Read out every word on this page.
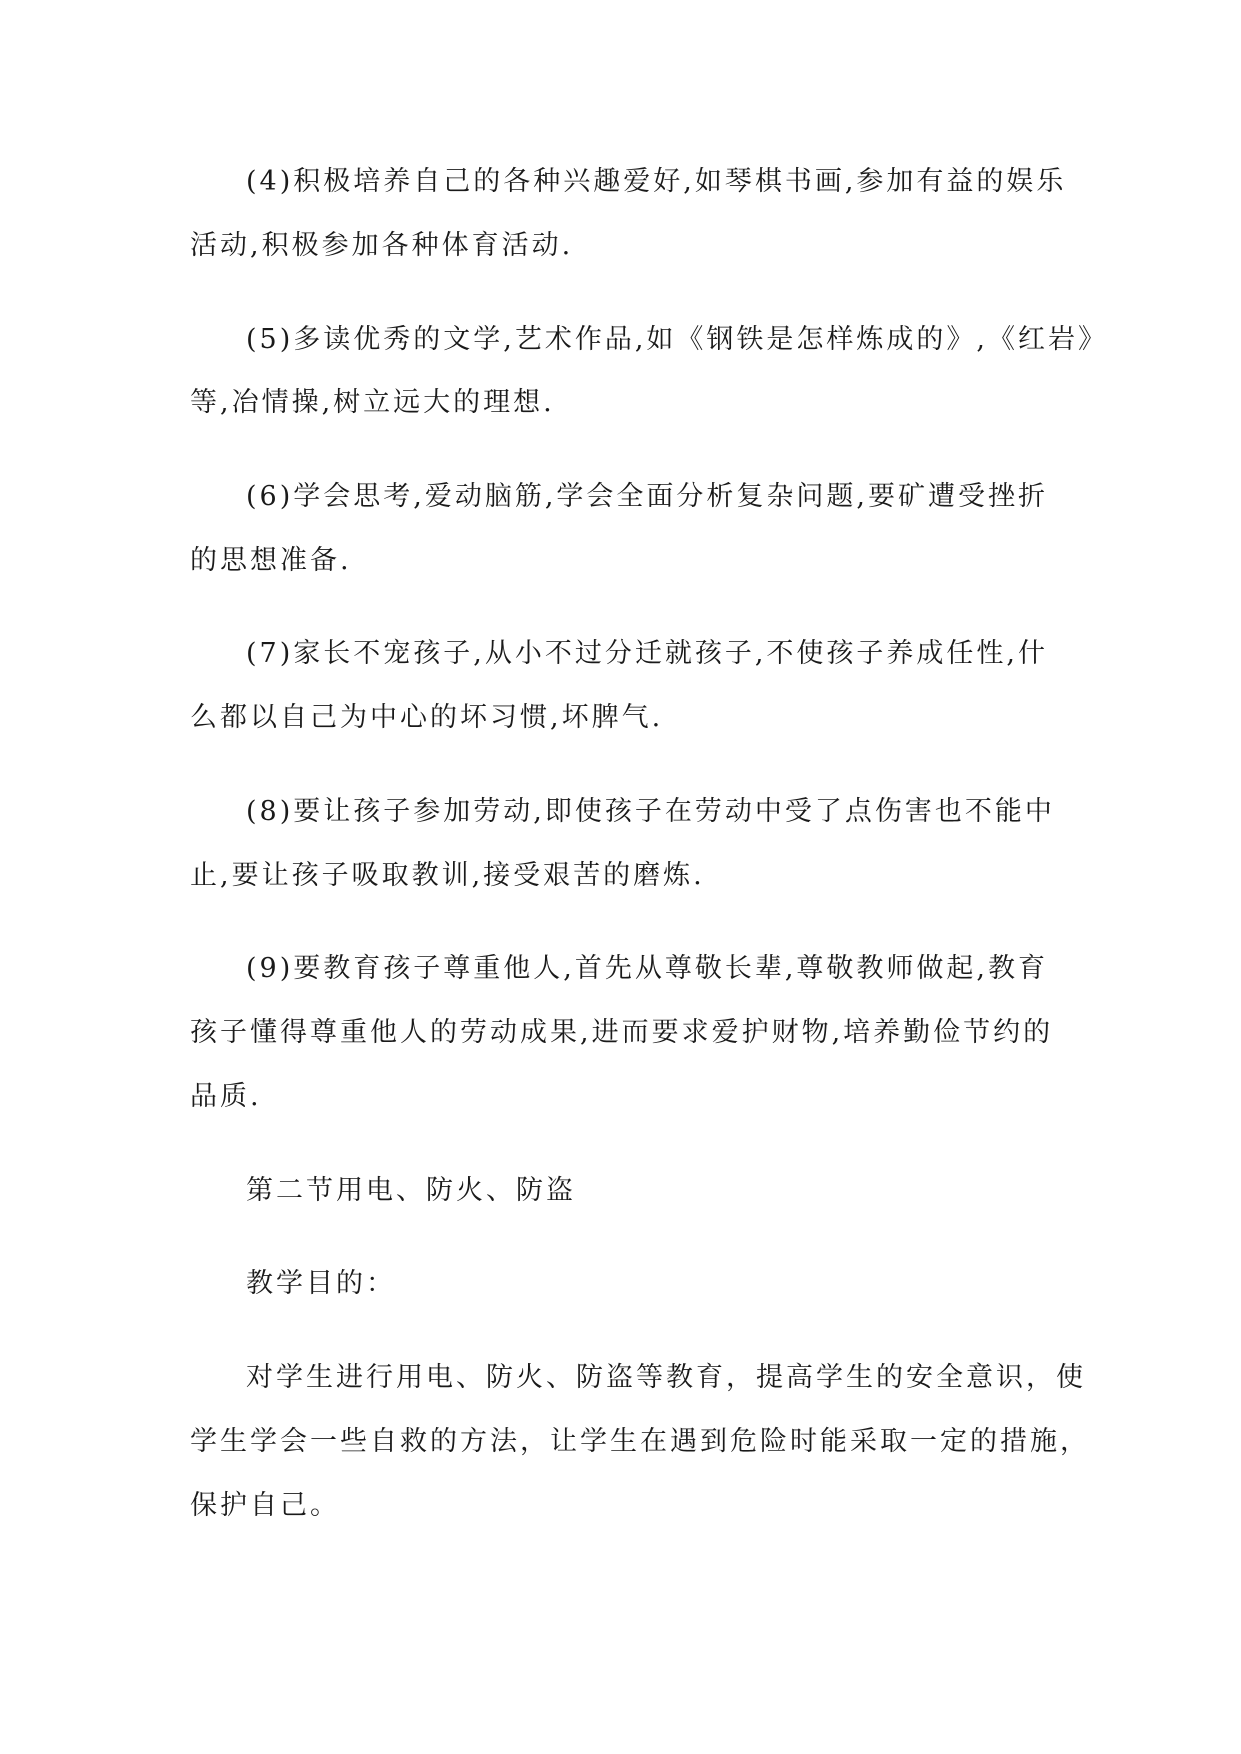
(4)积极培养自己的各种兴趣爱好,如琴棋书画,参加有益的娱乐

活动,积极参加各种体育活动.

(5)多读优秀的文学,艺术作品,如《钢铁是怎样炼成的》,《红岩》

等,冶情操,树立远大的理想.

(6)学会思考,爱动脑筋,学会全面分析复杂问题,要矿遭受挫折

的思想准备.

(7)家长不宠孩子,从小不过分迁就孩子,不使孩子养成任性,什

么都以自己为中心的坏习惯,坏脾气.

(8)要让孩子参加劳动,即使孩子在劳动中受了点伤害也不能中

止,要让孩子吸取教训,接受艰苦的磨炼.

(9)要教育孩子尊重他人,首先从尊敬长辈,尊敬教师做起,教育

孩子懂得尊重他人的劳动成果,进而要求爱护财物,培养勤俭节约的

品质.

第二节用电、防火、防盗

教学目的：

对学生进行用电、防火、防盗等教育，提高学生的安全意识，使

学生学会一些自救的方法，让学生在遇到危险时能采取一定的措施，

保护自己。
